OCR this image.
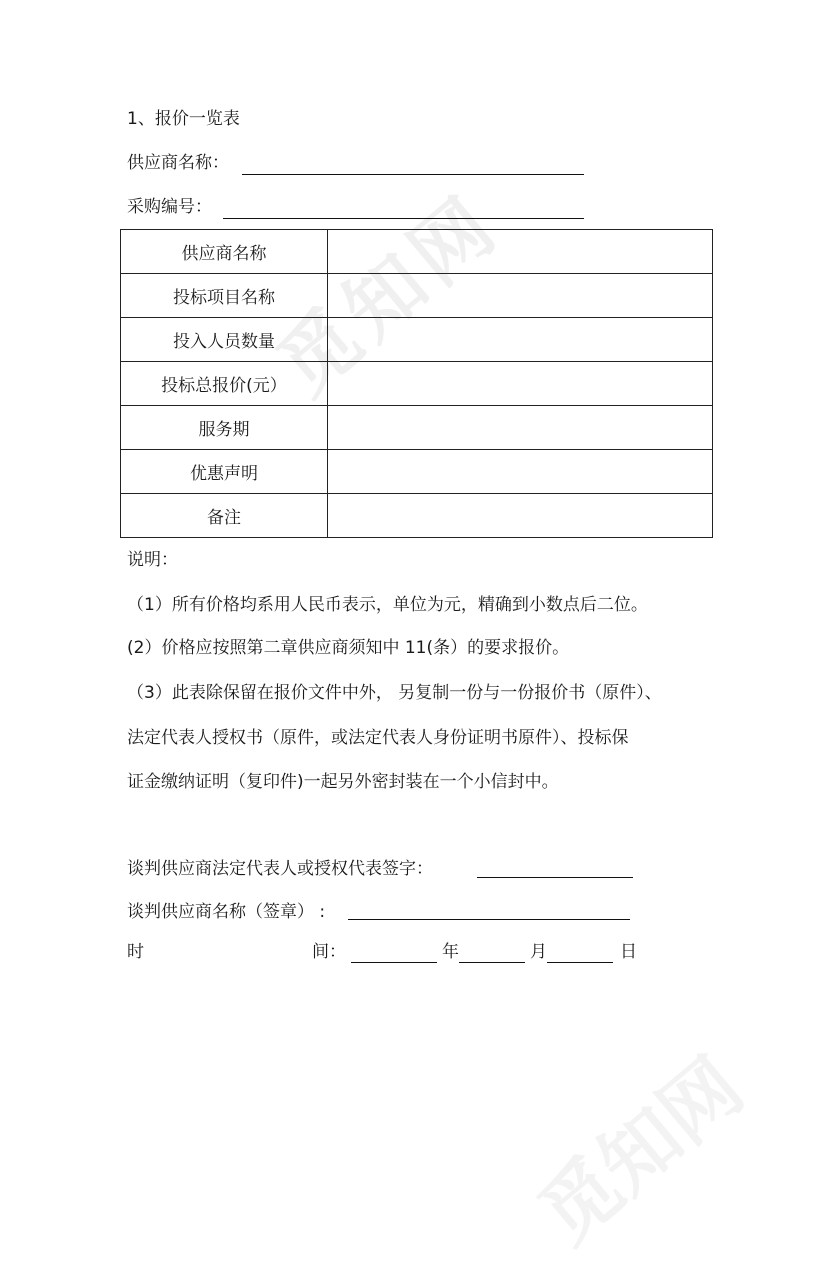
觅知网
觅知网
1、报价一览表
供应商名称：
采购编号：
供应商名称	
投标项目名称	
投入人员数量	
投标总报价(元）	
服务期	
优惠声明	
备注	
说明：
（1）所有价格均系用人民币表示，单位为元，精确到小数点后二位。
(2）价格应按照第二章供应商须知中 11(条）的要求报价。
（3）此表除保留在报价文件中外， 另复制一份与一份报价书（原件）、
法定代表人授权书（原件，或法定代表人身份证明书原件）、投标保
证金缴纳证明（复印件)一起另外密封装在一个小信封中。
谈判供应商法定代表人或授权代表签字：
谈判供应商名称（签章） :
时	间：	年	月	日
